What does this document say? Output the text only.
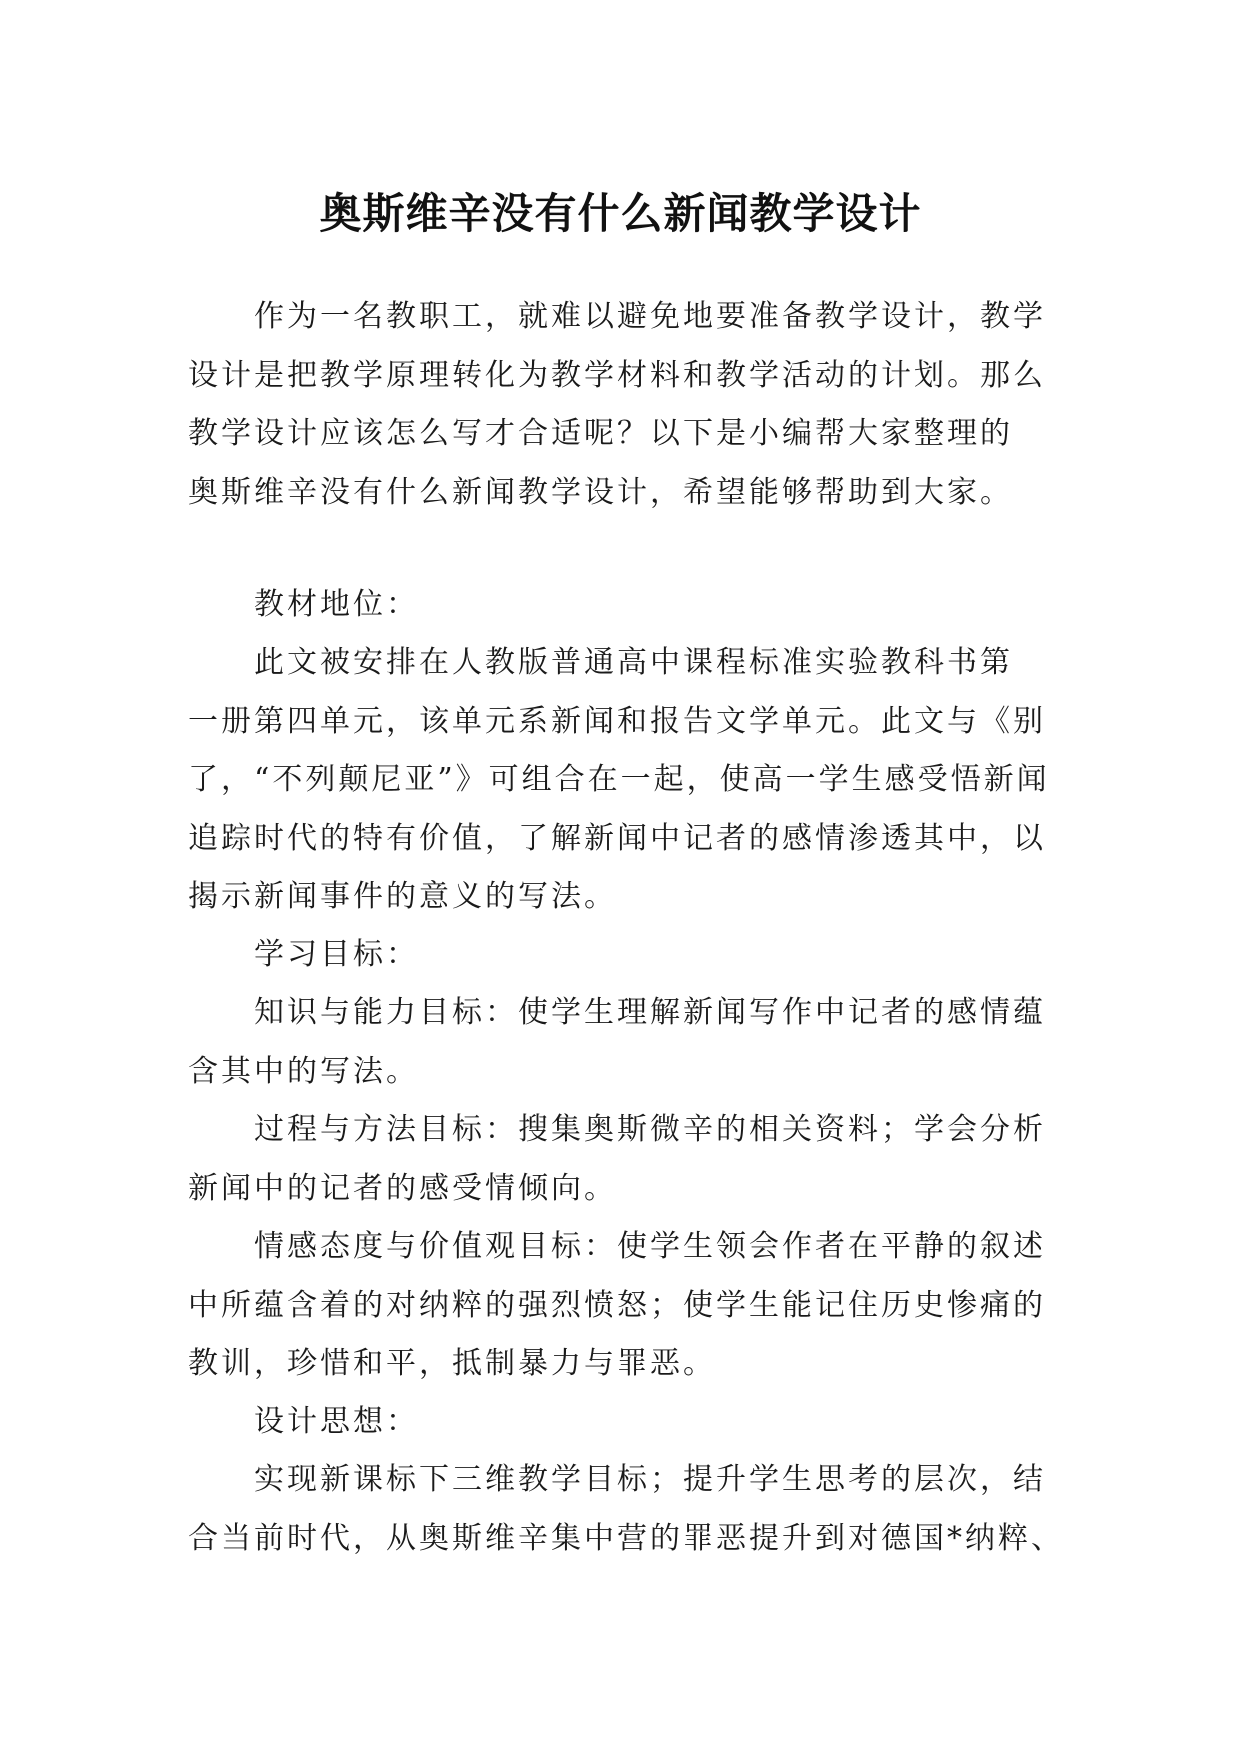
奥斯维辛没有什么新闻教学设计

　　作为一名教职工，就难以避免地要准备教学设计，教学
设计是把教学原理转化为教学材料和教学活动的计划。那么
教学设计应该怎么写才合适呢？以下是小编帮大家整理的
奥斯维辛没有什么新闻教学设计，希望能够帮助到大家。

　　教材地位：

　　此文被安排在人教版普通高中课程标准实验教科书第
一册第四单元，该单元系新闻和报告文学单元。此文与《别
了，“不列颠尼亚”》可组合在一起，使高一学生感受悟新闻
追踪时代的特有价值，了解新闻中记者的感情渗透其中，以
揭示新闻事件的意义的写法。

　　学习目标：

　　知识与能力目标：使学生理解新闻写作中记者的感情蕴
含其中的写法。

　　过程与方法目标：搜集奥斯微辛的相关资料；学会分析
新闻中的记者的感受情倾向。

　　情感态度与价值观目标：使学生领会作者在平静的叙述
中所蕴含着的对纳粹的强烈愤怒；使学生能记住历史惨痛的
教训，珍惜和平，抵制暴力与罪恶。

　　设计思想：

　　实现新课标下三维教学目标；提升学生思考的层次，结
合当前时代，从奥斯维辛集中营的罪恶提升到对德国*纳粹、
